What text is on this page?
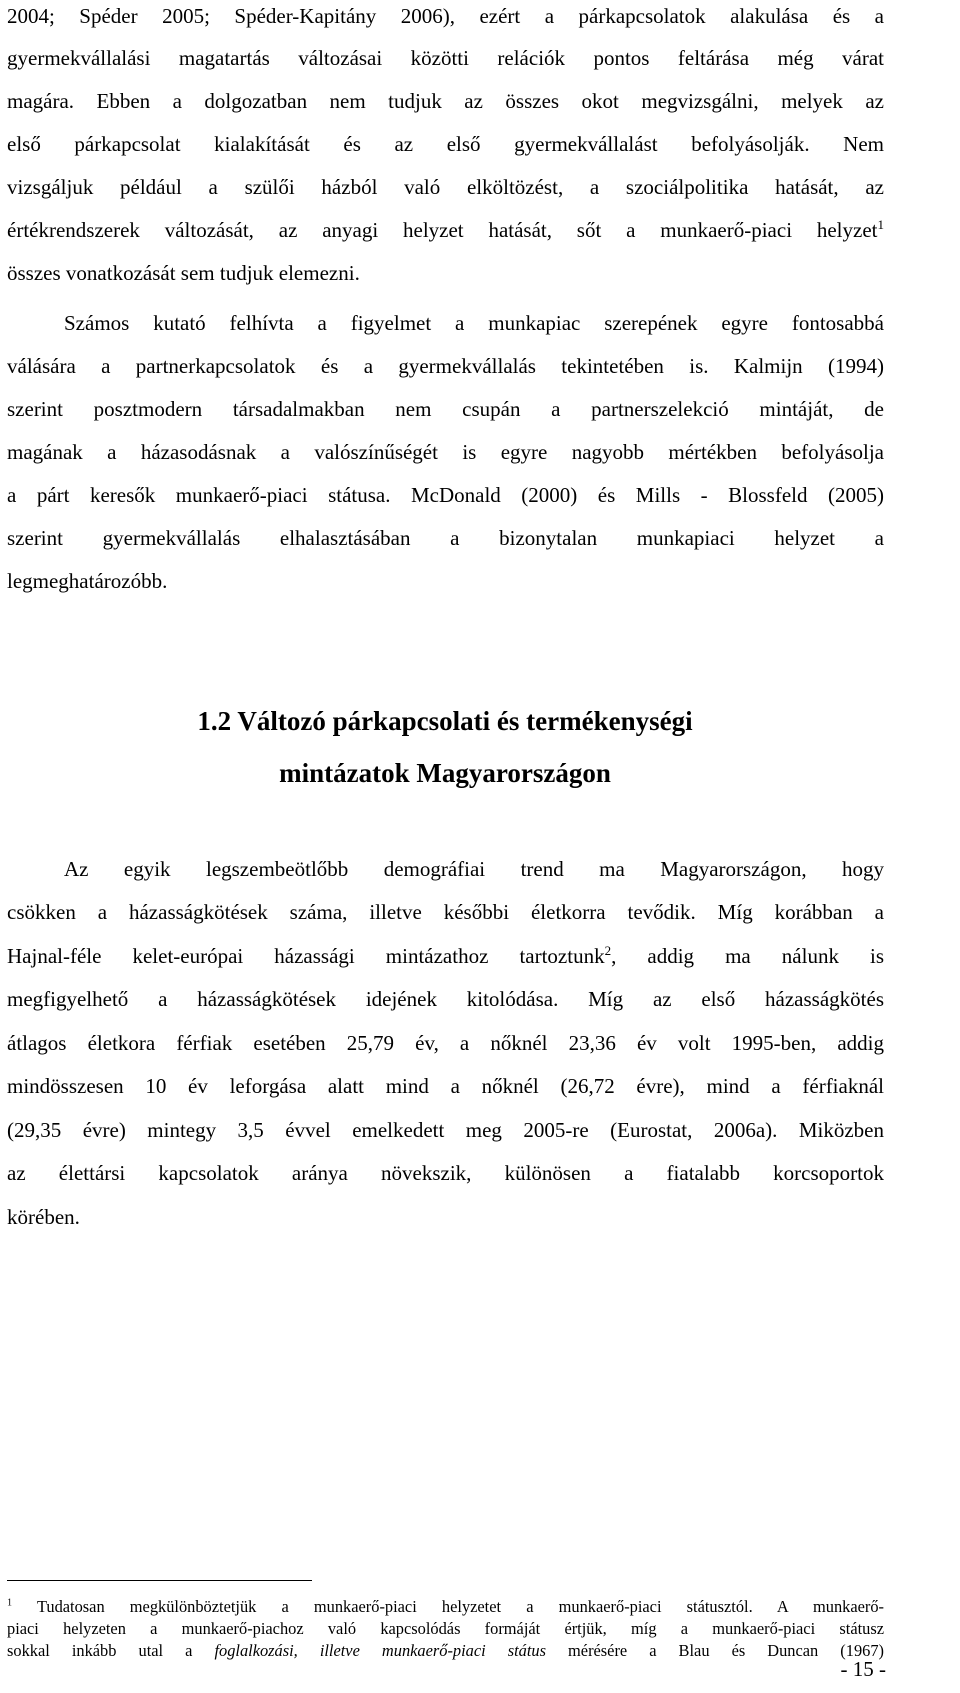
2004; Spéder 2005; Spéder-Kapitány 2006), ezért a párkapcsolatok alakulása és a
gyermekvállalási magatartás változásai közötti relációk pontos feltárása még várat
magára. Ebben a dolgozatban nem tudjuk az összes okot megvizsgálni, melyek az
első párkapcsolat kialakítását és az első gyermekvállalást befolyásolják. Nem
vizsgáljuk például a szülői házból való elköltözést, a szociálpolitika hatását, az
értékrendszerek változását, az anyagi helyzet hatását, sőt a munkaerő-piaci helyzet$^1$
összes vonatkozását sem tudjuk elemezni.
Számos kutató felhívta a figyelmet a munkapiac szerepének egyre fontosabbá
válására a partnerkapcsolatok és a gyermekvállalás tekintetében is. Kalmijn (1994)
szerint posztmodern társadalmakban nem csupán a partnerszelekció mintáját, de
magának a házasodásnak a valószínűségét is egyre nagyobb mértékben befolyásolja
a párt keresők munkaerő-piaci státusa. McDonald (2000) és Mills - Blossfeld (2005)
szerint gyermekvállalás elhalasztásában a bizonytalan munkapiaci helyzet a
legmeghatározóbb.
1.2 Változó párkapcsolati és termékenységi
mintázatok Magyarországon
Az egyik legszembeötlőbb demográfiai trend ma Magyarországon, hogy
csökken a házasságkötések száma, illetve későbbi életkorra tevődik. Míg korábban a
Hajnal-féle kelet-európai házassági mintázathoz tartoztunk$^2$, addig ma nálunk is
megfigyelhető a házasságkötések idejének kitolódása. Míg az első házasságkötés
átlagos életkora férfiak esetében 25,79 év, a nőknél 23,36 év volt 1995-ben, addig
mindösszesen 10 év leforgása alatt mind a nőknél (26,72 évre), mind a férfiaknál
(29,35 évre) mintegy 3,5 évvel emelkedett meg 2005-re (Eurostat, 2006a). Miközben
az élettársi kapcsolatok aránya növekszik, különösen a fiatalabb korcsoportok
körében.
$^1$ Tudatosan megkülönböztetjük a munkaerő-piaci helyzetet a munkaerő-piaci státusztól. A munkaerő-
piaci helyzeten a munkaerő-piachoz való kapcsolódás formáját értjük, míg a munkaerő-piaci státusz
sokkal inkább utal a foglalkozási, illetve munkaerő-piaci státus mérésére a Blau és Duncan (1967)
- 15 -
